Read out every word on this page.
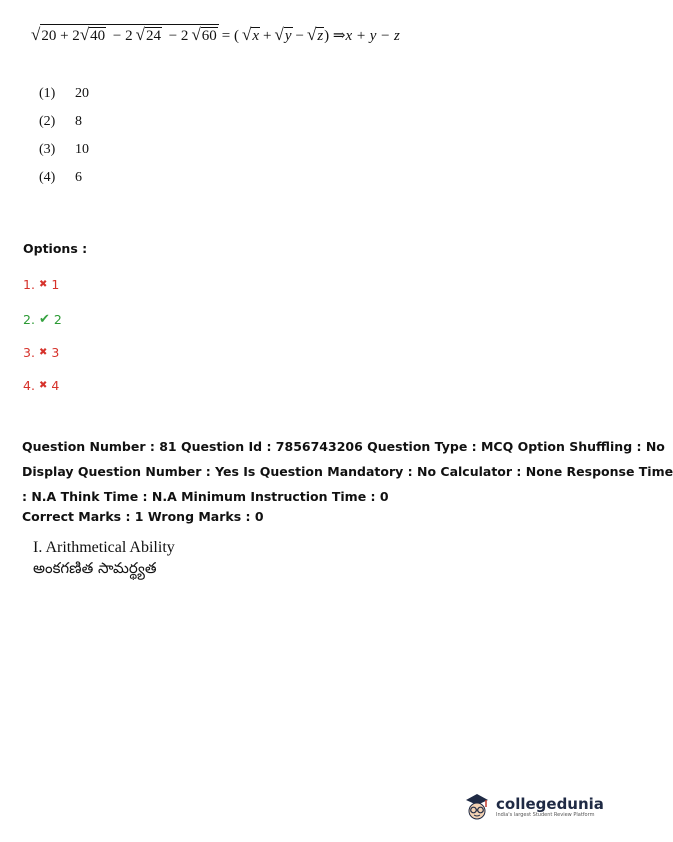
√ 20 + 2 √ 40 − 2 √ 24 − 2 √ 60 = ( √ x + √ y − √ z ) ⇒ x + y − z
(1)	20
(2)	8
(3)	10
(4)	6
Options :
1. ✖ 1
2. ✔ 2
3. ✖ 3
4. ✖ 4
Question Number : 81 Question Id : 7856743206 Question Type : MCQ Option Shuffling : No
Display Question Number : Yes Is Question Mandatory : No Calculator : None Response Time
: N.A Think Time : N.A Minimum Instruction Time : 0
Correct Marks : 1 Wrong Marks : 0
I. Arithmetical Ability
అంకగణిత సామర్థ్యత
collegedunia
India's largest Student Review Platform
